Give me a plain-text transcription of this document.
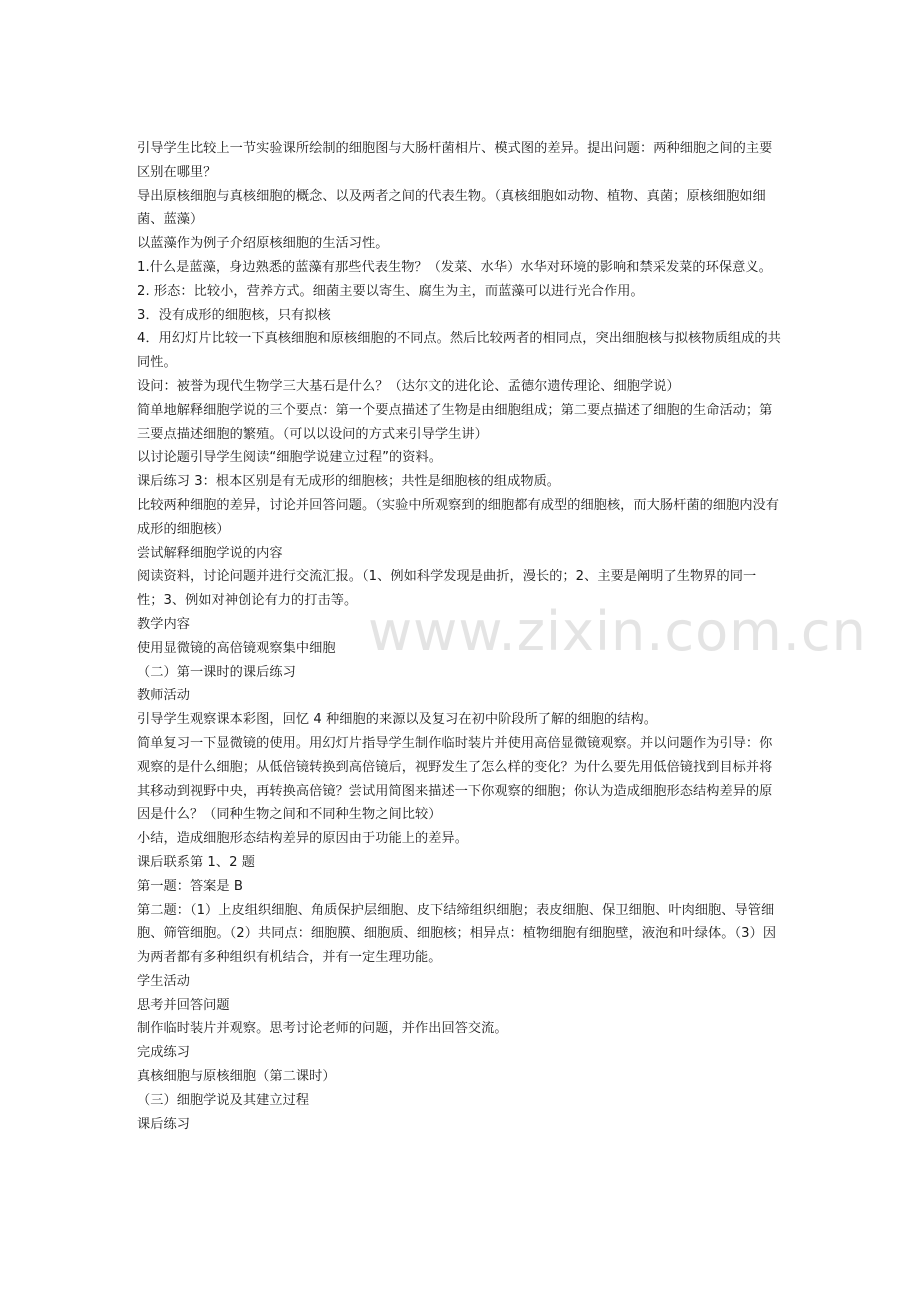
www.zixin.com.cn

引导学生比较上一节实验课所绘制的细胞图与大肠杆菌相片、模式图的差异。提出问题：两种细胞之间的主要区别在哪里？

导出原核细胞与真核细胞的概念、以及两者之间的代表生物。（真核细胞如动物、植物、真菌；原核细胞如细菌、蓝藻）

以蓝藻作为例子介绍原核细胞的生活习性。

1.什么是蓝藻，身边熟悉的蓝藻有那些代表生物？（发菜、水华）水华对环境的影响和禁采发菜的环保意义。

2. 形态：比较小，营养方式。细菌主要以寄生、腐生为主，而蓝藻可以进行光合作用。

3．没有成形的细胞核，只有拟核

4．用幻灯片比较一下真核细胞和原核细胞的不同点。然后比较两者的相同点，突出细胞核与拟核物质组成的共同性。

设问：被誉为现代生物学三大基石是什么？（达尔文的进化论、孟德尔遗传理论、细胞学说）

简单地解释细胞学说的三个要点：第一个要点描述了生物是由细胞组成；第二要点描述了细胞的生命活动；第三要点描述细胞的繁殖。（可以以设问的方式来引导学生讲）

以讨论题引导学生阅读“细胞学说建立过程”的资料。

课后练习 3：根本区别是有无成形的细胞核；共性是细胞核的组成物质。

比较两种细胞的差异，讨论并回答问题。（实验中所观察到的细胞都有成型的细胞核，而大肠杆菌的细胞内没有成形的细胞核）

尝试解释细胞学说的内容

阅读资料，讨论问题并进行交流汇报。（1、例如科学发现是曲折，漫长的；2、主要是阐明了生物界的同一性；3、例如对神创论有力的打击等。

教学内容

使用显微镜的高倍镜观察集中细胞

（二）第一课时的课后练习

教师活动

引导学生观察课本彩图，回忆 4 种细胞的来源以及复习在初中阶段所了解的细胞的结构。

简单复习一下显微镜的使用。用幻灯片指导学生制作临时装片并使用高倍显微镜观察。并以问题作为引导：你观察的是什么细胞；从低倍镜转换到高倍镜后，视野发生了怎么样的变化？为什么要先用低倍镜找到目标并将其移动到视野中央，再转换高倍镜？尝试用简图来描述一下你观察的细胞；你认为造成细胞形态结构差异的原因是什么？（同种生物之间和不同种生物之间比较）

小结，造成细胞形态结构差异的原因由于功能上的差异。

课后联系第 1、2 题

第一题：答案是 B

第二题：（1）上皮组织细胞、角质保护层细胞、皮下结缔组织细胞；表皮细胞、保卫细胞、叶肉细胞、导管细胞、筛管细胞。（2）共同点：细胞膜、细胞质、细胞核；相异点：植物细胞有细胞壁，液泡和叶绿体。（3）因为两者都有多种组织有机结合，并有一定生理功能。

学生活动

思考并回答问题

制作临时装片并观察。思考讨论老师的问题，并作出回答交流。

完成练习

真核细胞与原核细胞（第二课时）

（三）细胞学说及其建立过程

课后练习
